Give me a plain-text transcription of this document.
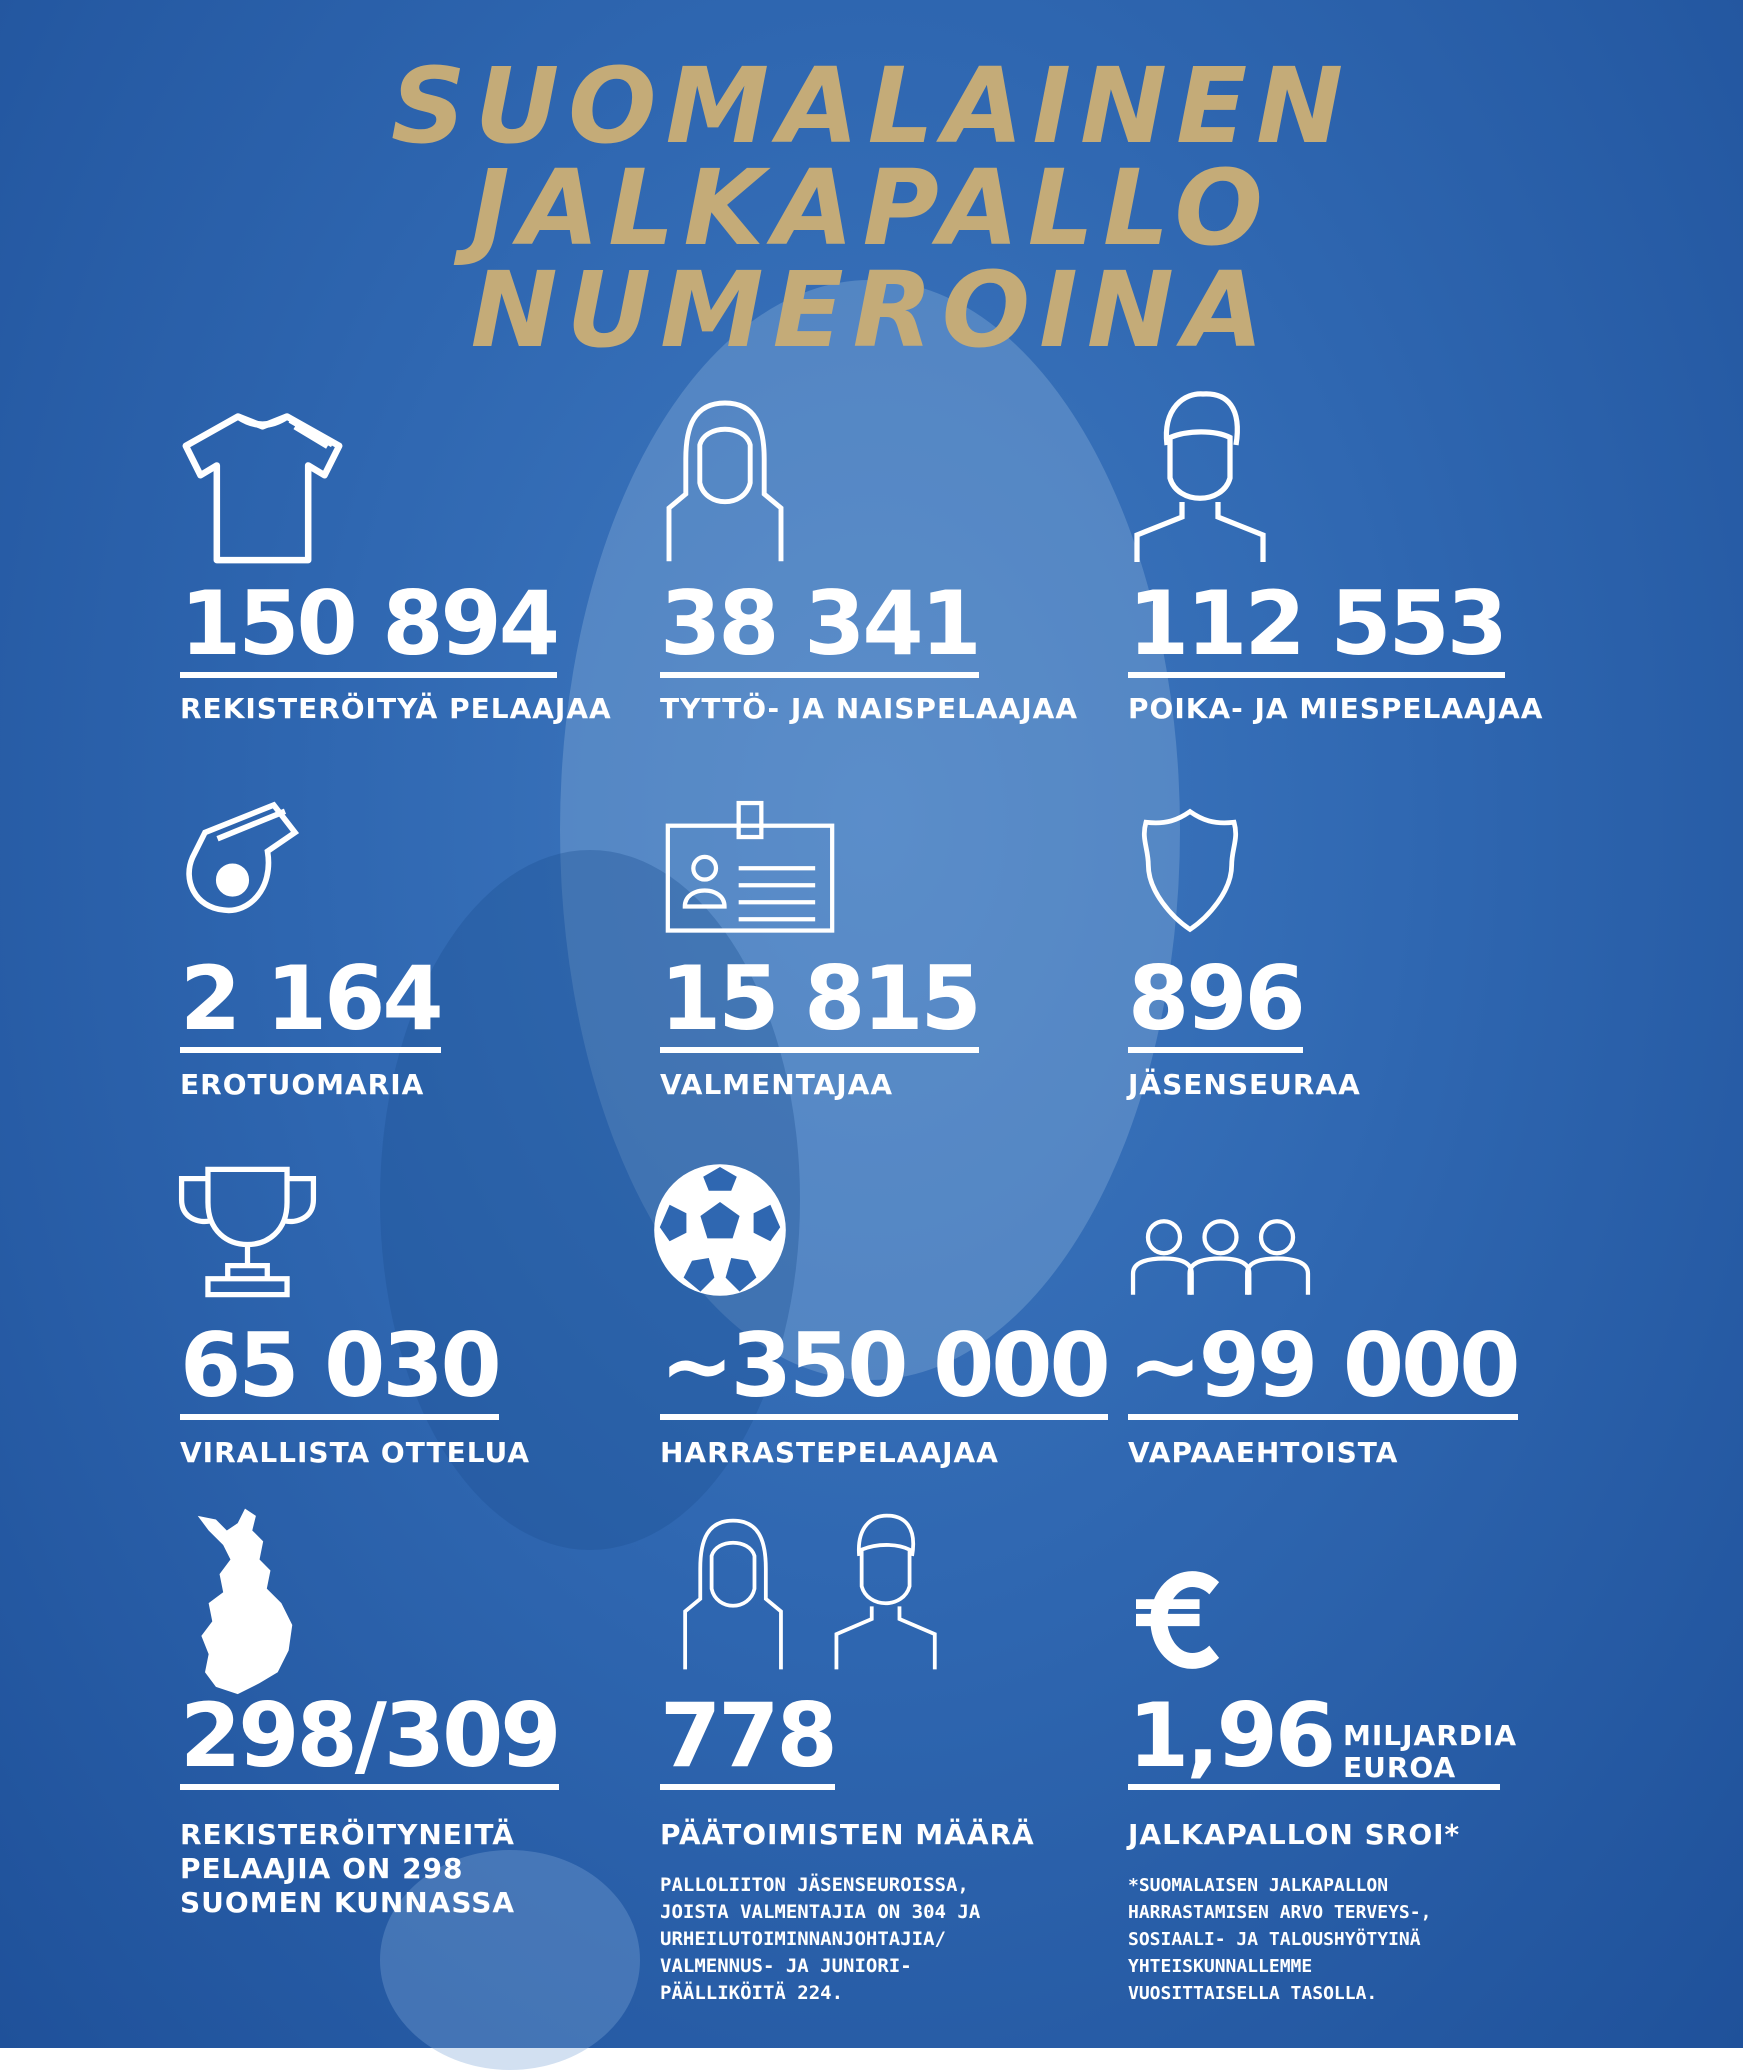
SUOMALAINEN
JALKAPALLO
NUMEROINA
150 894
REKISTERÖITYÄ PELAAJAA
38 341
TYTTÖ- JA NAISPELAAJAA
112 553
POIKA- JA MIESPELAAJAA
2 164
EROTUOMARIA
15 815
VALMENTAJAA
896
JÄSENSEURAA
65 030
VIRALLISTA OTTELUA
~350 000
HARRASTEPELAAJAA
~99 000
VAPAAEHTOISTA
298/309
REKISTERÖITYNEITÄ
PELAAJIA ON 298
SUOMEN KUNNASSA
778
PÄÄTOIMISTEN MÄÄRÄ
PALLOLIITON JÄSENSEUROISSA,
JOISTA VALMENTAJIA ON 304 JA
URHEILUTOIMINNANJOHTAJIA/
VALMENNUS- JA JUNIORI-
PÄÄLLIKÖITÄ 224.
1,96 MILJARDIA
EUROA
JALKAPALLON SROI*
*SUOMALAISEN JALKAPALLON
HARRASTAMISEN ARVO TERVEYS-,
SOSIAALI- JA TALOUSHYÖTYINÄ
YHTEISKUNNALLEMME
VUOSITTAISELLA TASOLLA.
